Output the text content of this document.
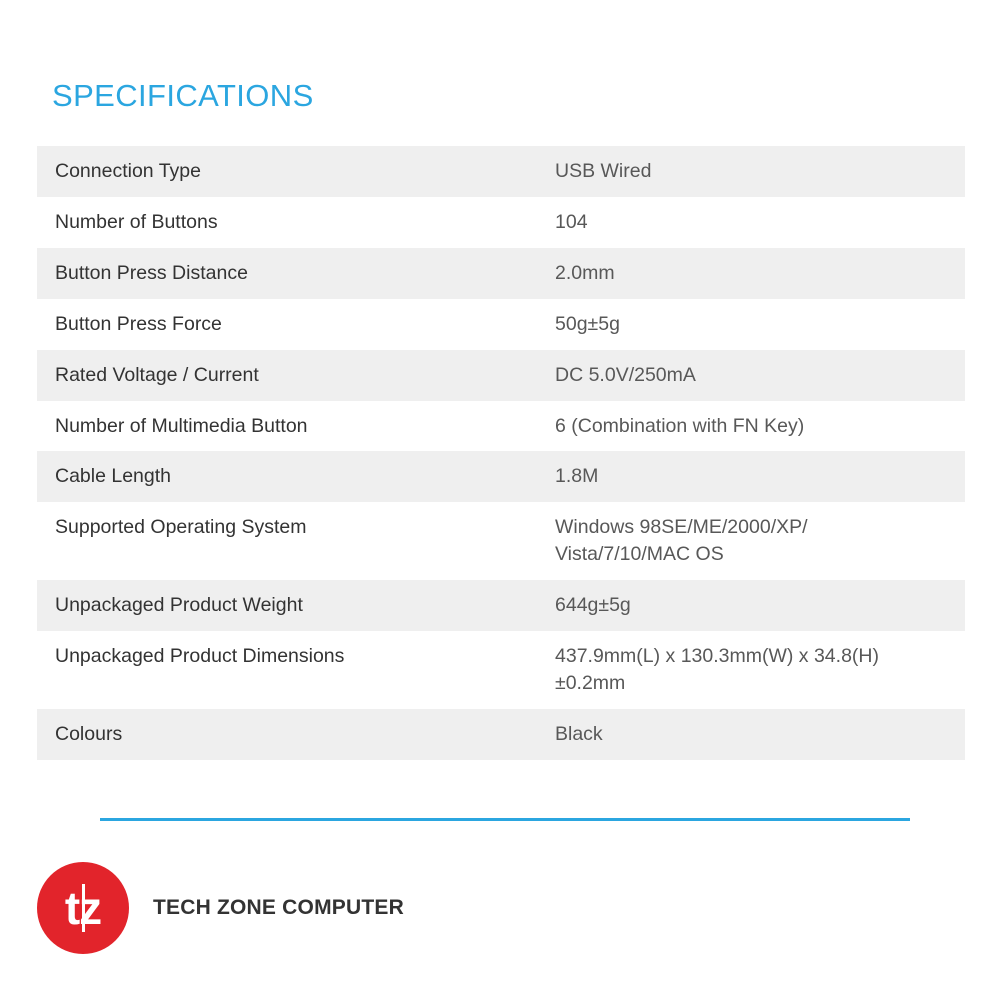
SPECIFICATIONS
Connection Type	USB Wired
Number of Buttons	104
Button Press Distance	2.0mm
Button Press Force	50g±5g
Rated Voltage / Current	DC 5.0V/250mA
Number of Multimedia Button	6 (Combination with FN Key)
Cable Length	1.8M
Supported Operating System	Windows 98SE/ME/2000/XP/ Vista/7/10/MAC OS
Unpackaged Product Weight	644g±5g
Unpackaged Product Dimensions	437.9mm(L) x 130.3mm(W) x 34.8(H)±0.2mm
Colours	Black
tz	TECH ZONE COMPUTER
